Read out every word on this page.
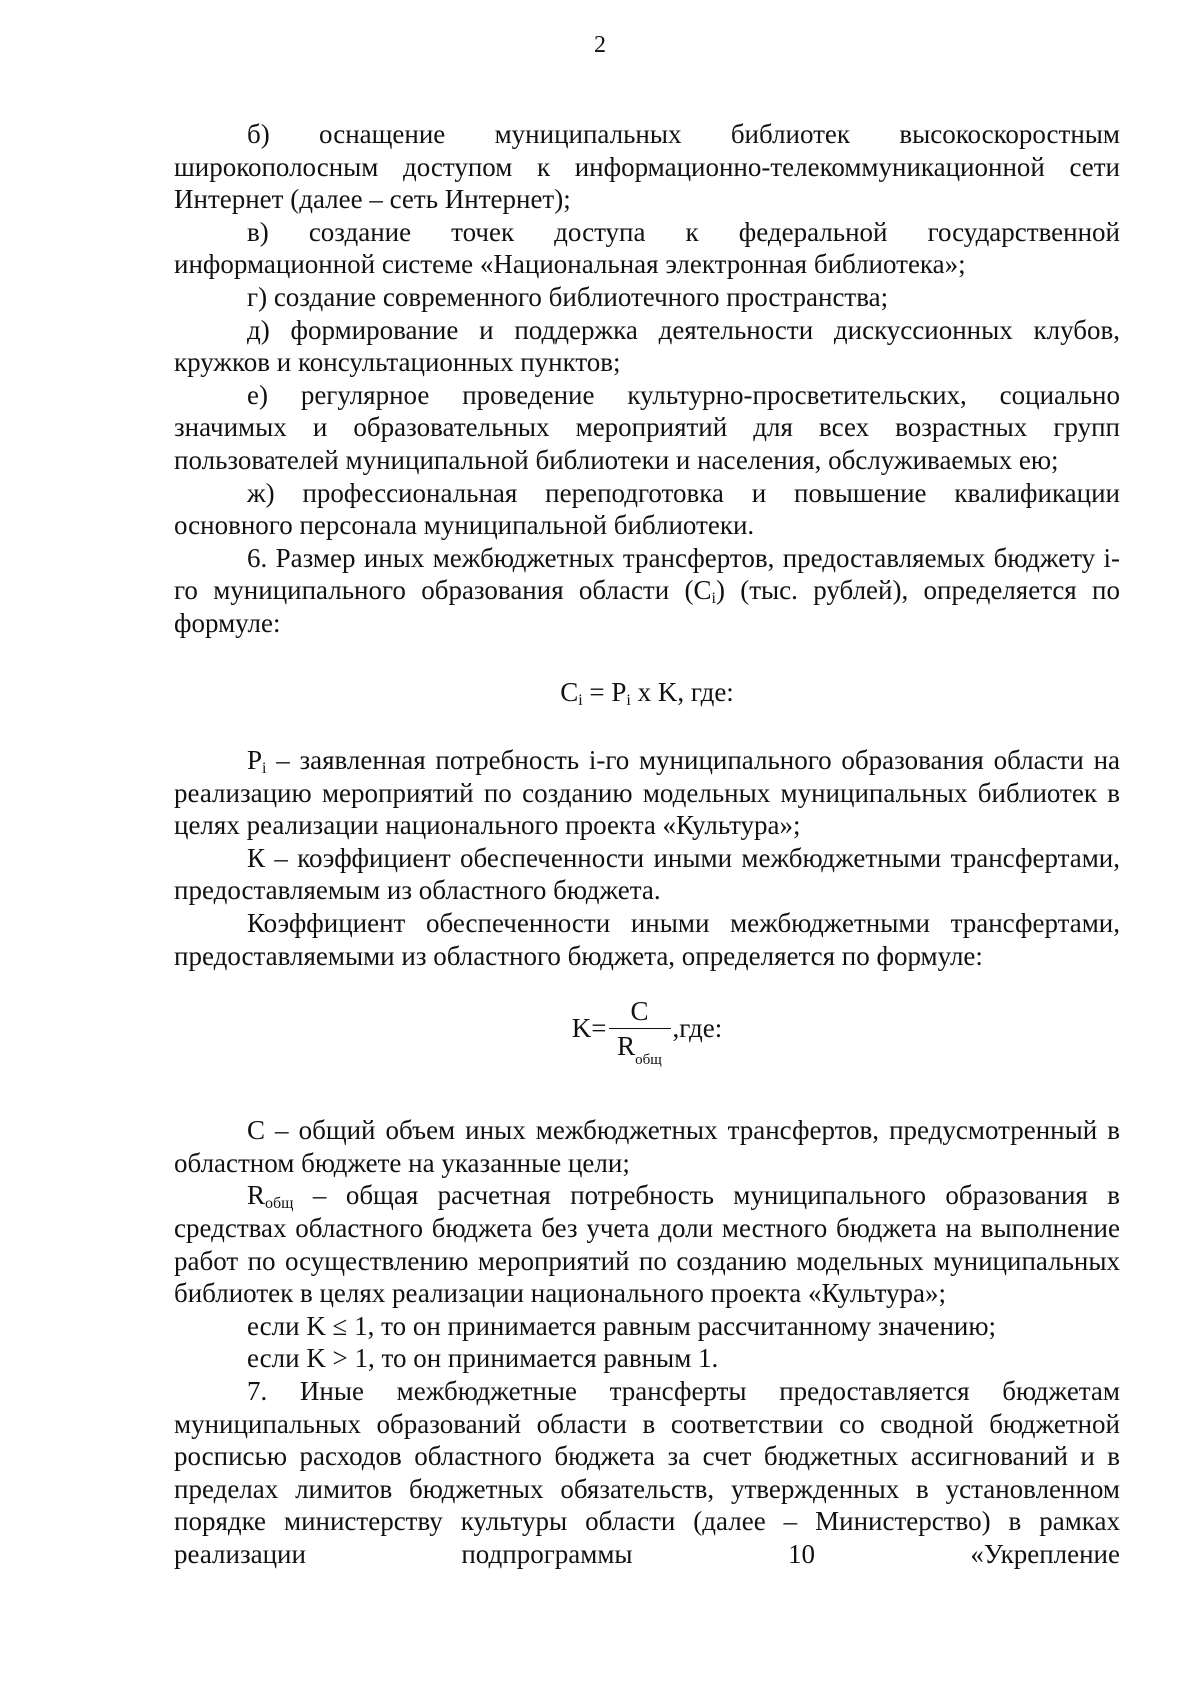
2

б) оснащение муниципальных библиотек высокоскоростным широкополосным доступом к информационно-телекоммуникационной сети Интернет (далее – сеть Интернет);

в) создание точек доступа к федеральной государственной информационной системе «Национальная электронная библиотека»;

г) создание современного библиотечного пространства;

д) формирование и поддержка деятельности дискуссионных клубов, кружков и консультационных пунктов;

е) регулярное проведение культурно-просветительских, социально значимых и образовательных мероприятий для всех возрастных групп пользователей муниципальной библиотеки и населения, обслуживаемых ею;

ж) профессиональная переподготовка и повышение квалификации основного персонала муниципальной библиотеки.

6. Размер иных межбюджетных трансфертов, предоставляемых бюджету i-го муниципального образования области $(C_i)$ (тыс. рублей), определяется по формуле:

$C_i = P_i$ x K, где:

$P_i$ – заявленная потребность i-го муниципального образования области на реализацию мероприятий по созданию модельных муниципальных библиотек в целях реализации национального проекта «Культура»;

К – коэффициент обеспеченности иными межбюджетными трансфертами, предоставляемым из областного бюджета.

Коэффициент обеспеченности иными межбюджетными трансфертами, предоставляемыми из областного бюджета, определяется по формуле:

$K= \frac{C}{R_{общ}} ,где$:

C – общий объем иных межбюджетных трансфертов, предусмотренный в областном бюджете на указанные цели;

$R_{общ}$ – общая расчетная потребность муниципального образования в средствах областного бюджета без учета доли местного бюджета на выполнение работ по осуществлению мероприятий по созданию модельных муниципальных библиотек в целях реализации национального проекта «Культура»;

если K ≤ 1, то он принимается равным рассчитанному значению;

если K > 1, то он принимается равным 1.

7. Иные межбюджетные трансферты предоставляется бюджетам муниципальных образований области в соответствии со сводной бюджетной росписью расходов областного бюджета за счет бюджетных ассигнований и в пределах лимитов бюджетных обязательств, утвержденных в установленном порядке министерству культуры области (далее – Министерство) в рамках реализации подпрограммы 10 «Укрепление
